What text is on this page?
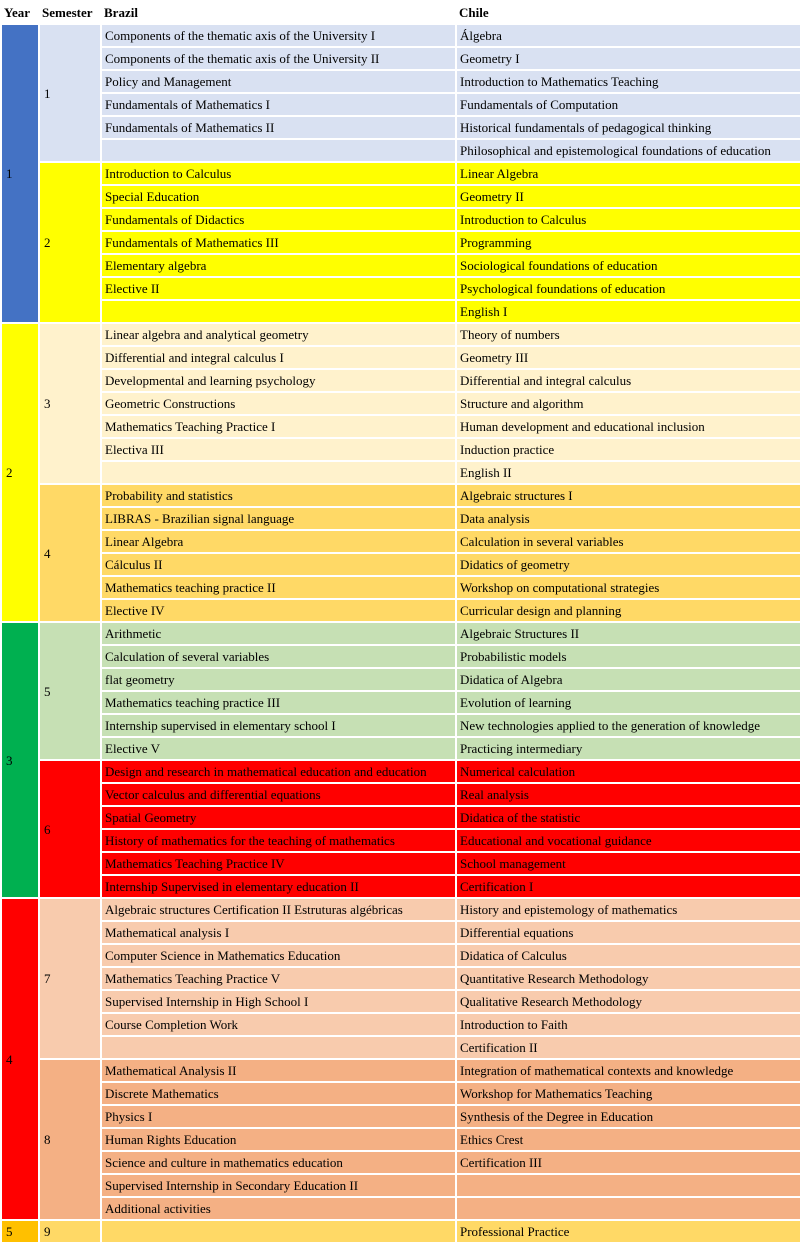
Year	Semester	Brazil	Chile
1	1	Components of the thematic axis of the University I	Álgebra
		Components of the thematic axis of the University II	Geometry I
		Policy and Management	Introduction to Mathematics Teaching
		Fundamentals of Mathematics I	Fundamentals of Computation
		Fundamentals of Mathematics II	Historical fundamentals of pedagogical thinking
			Philosophical and epistemological foundations of education
	2	Introduction to Calculus	Linear Algebra
		Special Education	Geometry II
		Fundamentals of Didactics	Introduction to Calculus
		Fundamentals of Mathematics III	Programming
		Elementary algebra	Sociological foundations of education
		Elective II	Psychological foundations of education
			English I
2	3	Linear algebra and analytical geometry	Theory of numbers
		Differential and integral calculus I	Geometry III
		Developmental and learning psychology	Differential and integral calculus
		Geometric Constructions	Structure and algorithm
		Mathematics Teaching Practice I	Human development and educational inclusion
		Electiva III	Induction practice
			English II
	4	Probability and statistics	Algebraic structures I
		LIBRAS - Brazilian signal language	Data analysis
		Linear Algebra	Calculation in several variables
		Cálculus II	Didatics of geometry
		Mathematics teaching practice II	Workshop on computational strategies
		Elective IV	Curricular design and planning
3	5	Arithmetic	Algebraic Structures II
		Calculation of several variables	Probabilistic models
		flat geometry	Didatica of Algebra
		Mathematics teaching practice III	Evolution of learning
		Internship supervised in elementary school I	New technologies applied to the generation of knowledge
		Elective V	Practicing intermediary
	6	Design and research in mathematical education and education	Numerical calculation
		Vector calculus and differential equations	Real analysis
		Spatial Geometry	Didatica of the statistic
		History of mathematics for the teaching of mathematics	Educational and vocational guidance
		Mathematics Teaching Practice IV	School management
		Internship Supervised in elementary education II	Certification I
4	7	Algebraic structures Certification II Estruturas algébricas	History and epistemology of mathematics
		Mathematical analysis I	Differential equations
		Computer Science in Mathematics Education	Didatica of Calculus
		Mathematics Teaching Practice V	Quantitative Research Methodology
		Supervised Internship in High School I	Qualitative Research Methodology
		Course Completion Work	Introduction to Faith
			Certification II
	8	Mathematical Analysis II	Integration of mathematical contexts and knowledge
		Discrete Mathematics	Workshop for Mathematics Teaching
		Physics I	Synthesis of the Degree in Education
		Human Rights Education	Ethics Crest
		Science and culture in mathematics education	Certification III
		Supervised Internship in Secondary Education II	
		Additional activities	
5	9		Professional Practice
